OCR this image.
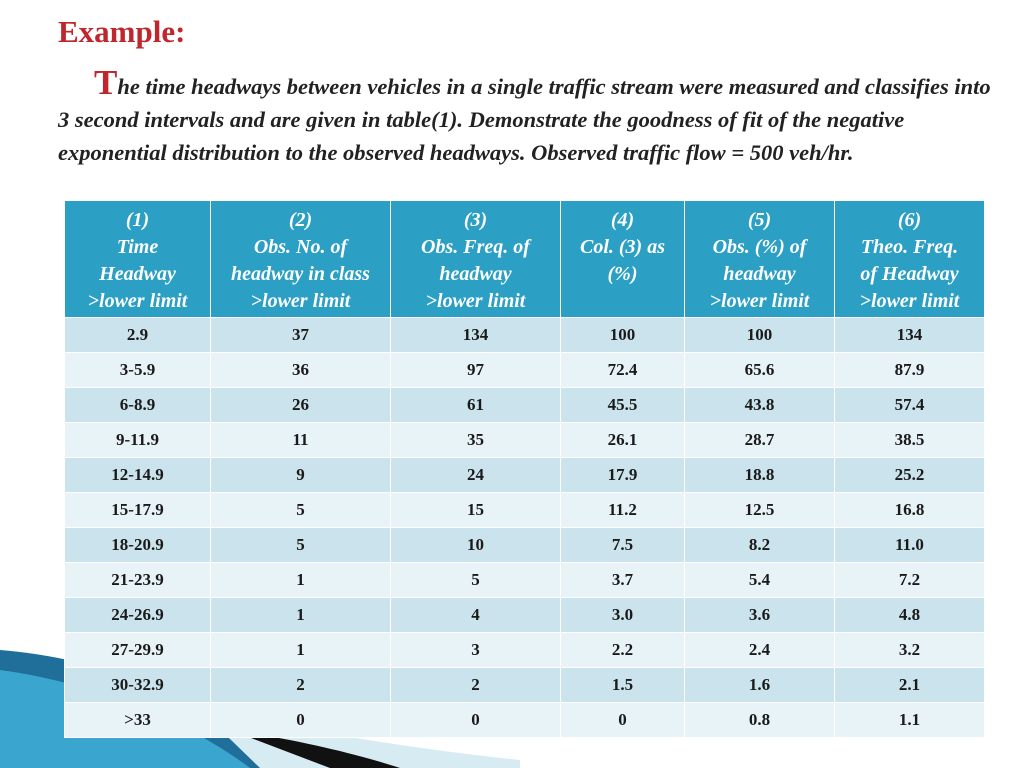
Example:

The time headways between vehicles in a single traffic stream were measured and classifies into 3 second intervals and are given in table(1). Demonstrate the goodness of fit of the negative exponential distribution to the observed headways. Observed traffic flow = 500 veh/hr.

(1)
Time
Headway
>lower limit	(2)
Obs. No. of
headway in class
>lower limit	(3)
Obs. Freq. of
headway
>lower limit	(4)
Col. (3) as
(%)	(5)
Obs. (%) of
headway
>lower limit	(6)
Theo. Freq.
of Headway
>lower limit

2.9	37	134	100	100	134
3-5.9	36	97	72.4	65.6	87.9
6-8.9	26	61	45.5	43.8	57.4
9-11.9	11	35	26.1	28.7	38.5
12-14.9	9	24	17.9	18.8	25.2
15-17.9	5	15	11.2	12.5	16.8
18-20.9	5	10	7.5	8.2	11.0
21-23.9	1	5	3.7	5.4	7.2
24-26.9	1	4	3.0	3.6	4.8
27-29.9	1	3	2.2	2.4	3.2
30-32.9	2	2	1.5	1.6	2.1
>33	0	0	0	0.8	1.1
